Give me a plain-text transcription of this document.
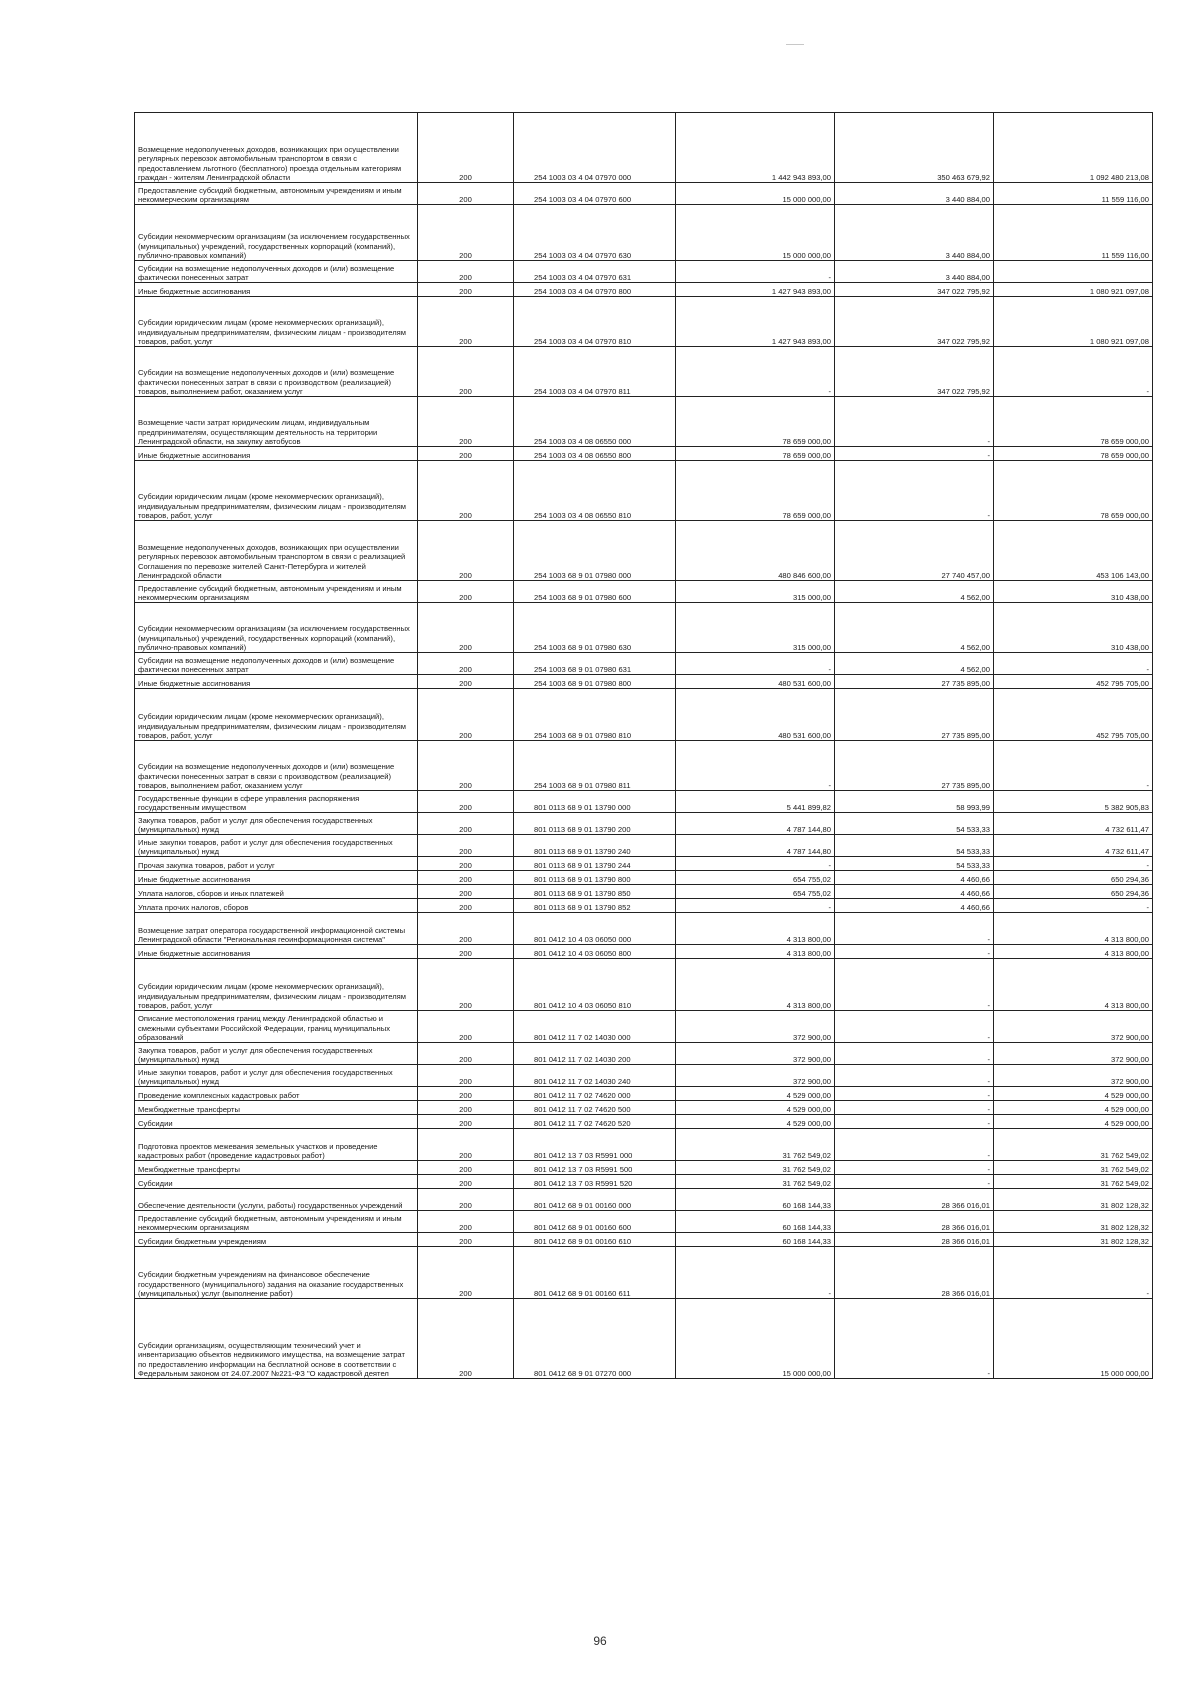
Возмещение недополученных доходов, возникающих при осуществлении регулярных перевозок автомобильным транспортом в связи с предоставлением льготного (бесплатного) проезда отдельным категориям граждан - жителям Ленинградской области	200	254 1003 03 4 04 07970 000	1 442 943 893,00	350 463 679,92	1 092 480 213,08
Предоставление субсидий бюджетным, автономным учреждениям и иным некоммерческим организациям	200	254 1003 03 4 04 07970 600	15 000 000,00	3 440 884,00	11 559 116,00
Субсидии некоммерческим организациям (за исключением государственных (муниципальных) учреждений, государственных корпораций (компаний), публично-правовых компаний)	200	254 1003 03 4 04 07970 630	15 000 000,00	3 440 884,00	11 559 116,00
Субсидии на возмещение недополученных доходов и (или) возмещение фактически понесенных затрат	200	254 1003 03 4 04 07970 631	-	3 440 884,00	
Иные бюджетные ассигнования	200	254 1003 03 4 04 07970 800	1 427 943 893,00	347 022 795,92	1 080 921 097,08
Субсидии юридическим лицам (кроме некоммерческих организаций), индивидуальным предпринимателям, физическим лицам - производителям товаров, работ, услуг	200	254 1003 03 4 04 07970 810	1 427 943 893,00	347 022 795,92	1 080 921 097,08
Субсидии на возмещение недополученных доходов и (или) возмещение фактически понесенных затрат в связи с производством (реализацией) товаров, выполнением работ, оказанием услуг	200	254 1003 03 4 04 07970 811	-	347 022 795,92	-
Возмещение части затрат юридическим лицам, индивидуальным предпринимателям, осуществляющим деятельность на территории Ленинградской области, на закупку автобусов	200	254 1003 03 4 08 06550 000	78 659 000,00	-	78 659 000,00
Иные бюджетные ассигнования	200	254 1003 03 4 08 06550 800	78 659 000,00	-	78 659 000,00
Субсидии юридическим лицам (кроме некоммерческих организаций), индивидуальным предпринимателям, физическим лицам - производителям товаров, работ, услуг	200	254 1003 03 4 08 06550 810	78 659 000,00	-	78 659 000,00
Возмещение недополученных доходов, возникающих при осуществлении регулярных перевозок автомобильным транспортом в связи с реализацией Соглашения по перевозке жителей Санкт-Петербурга и жителей Ленинградской области	200	254 1003 68 9 01 07980 000	480 846 600,00	27 740 457,00	453 106 143,00
Предоставление субсидий бюджетным, автономным учреждениям и иным некоммерческим организациям	200	254 1003 68 9 01 07980 600	315 000,00	4 562,00	310 438,00
Субсидии некоммерческим организациям (за исключением государственных (муниципальных) учреждений, государственных корпораций (компаний), публично-правовых компаний)	200	254 1003 68 9 01 07980 630	315 000,00	4 562,00	310 438,00
Субсидии на возмещение недополученных доходов и (или) возмещение фактически понесенных затрат	200	254 1003 68 9 01 07980 631	-	4 562,00	-
Иные бюджетные ассигнования	200	254 1003 68 9 01 07980 800	480 531 600,00	27 735 895,00	452 795 705,00
Субсидии юридическим лицам (кроме некоммерческих организаций), индивидуальным предпринимателям, физическим лицам - производителям товаров, работ, услуг	200	254 1003 68 9 01 07980 810	480 531 600,00	27 735 895,00	452 795 705,00
Субсидии на возмещение недополученных доходов и (или) возмещение фактически понесенных затрат в связи с производством (реализацией) товаров, выполнением работ, оказанием услуг	200	254 1003 68 9 01 07980 811	-	27 735 895,00	-
Государственные функции в сфере управления распоряжения государственным имуществом	200	801 0113 68 9 01 13790 000	5 441 899,82	58 993,99	5 382 905,83
Закупка товаров, работ и услуг для обеспечения государственных (муниципальных) нужд	200	801 0113 68 9 01 13790 200	4 787 144,80	54 533,33	4 732 611,47
Иные закупки товаров, работ и услуг для обеспечения государственных (муниципальных) нужд	200	801 0113 68 9 01 13790 240	4 787 144,80	54 533,33	4 732 611,47
Прочая закупка товаров, работ и услуг	200	801 0113 68 9 01 13790 244	-	54 533,33	-
Иные бюджетные ассигнования	200	801 0113 68 9 01 13790 800	654 755,02	4 460,66	650 294,36
Уплата налогов, сборов и иных платежей	200	801 0113 68 9 01 13790 850	654 755,02	4 460,66	650 294,36
Уплата прочих налогов, сборов	200	801 0113 68 9 01 13790 852	-	4 460,66	-
Возмещение затрат оператора государственной информационной системы Ленинградской области "Региональная геоинформационная система"	200	801 0412 10 4 03 06050 000	4 313 800,00	-	4 313 800,00
Иные бюджетные ассигнования	200	801 0412 10 4 03 06050 800	4 313 800,00	-	4 313 800,00
Субсидии юридическим лицам (кроме некоммерческих организаций), индивидуальным предпринимателям, физическим лицам - производителям товаров, работ, услуг	200	801 0412 10 4 03 06050 810	4 313 800,00	-	4 313 800,00
Описание местоположения границ между Ленинградской областью и смежными субъектами Российской Федерации, границ муниципальных образований	200	801 0412 11 7 02 14030 000	372 900,00	-	372 900,00
Закупка товаров, работ и услуг для обеспечения государственных (муниципальных) нужд	200	801 0412 11 7 02 14030 200	372 900,00	-	372 900,00
Иные закупки товаров, работ и услуг для обеспечения государственных (муниципальных) нужд	200	801 0412 11 7 02 14030 240	372 900,00	-	372 900,00
Проведение комплексных кадастровых работ	200	801 0412 11 7 02 74620 000	4 529 000,00	-	4 529 000,00
Межбюджетные трансферты	200	801 0412 11 7 02 74620 500	4 529 000,00	-	4 529 000,00
Субсидии	200	801 0412 11 7 02 74620 520	4 529 000,00	-	4 529 000,00
Подготовка проектов межевания земельных участков и проведение кадастровых работ (проведение кадастровых работ)	200	801 0412 13 7 03 R5991 000	31 762 549,02	-	31 762 549,02
Межбюджетные трансферты	200	801 0412 13 7 03 R5991 500	31 762 549,02	-	31 762 549,02
Субсидии	200	801 0412 13 7 03 R5991 520	31 762 549,02	-	31 762 549,02
Обеспечение деятельности (услуги, работы) государственных учреждений	200	801 0412 68 9 01 00160 000	60 168 144,33	28 366 016,01	31 802 128,32
Предоставление субсидий бюджетным, автономным учреждениям и иным некоммерческим организациям	200	801 0412 68 9 01 00160 600	60 168 144,33	28 366 016,01	31 802 128,32
Субсидии бюджетным учреждениям	200	801 0412 68 9 01 00160 610	60 168 144,33	28 366 016,01	31 802 128,32
Субсидии бюджетным учреждениям на финансовое обеспечение государственного (муниципального) задания на оказание государственных (муниципальных) услуг (выполнение работ)	200	801 0412 68 9 01 00160 611	-	28 366 016,01	-
Субсидии организациям, осуществляющим технический учет и инвентаризацию объектов недвижимого имущества, на возмещение затрат по предоставлению информации на бесплатной основе в соответствии с Федеральным законом от 24.07.2007 №221-ФЗ "О кадастровой деятел	200	801 0412 68 9 01 07270 000	15 000 000,00	-	15 000 000,00
96
